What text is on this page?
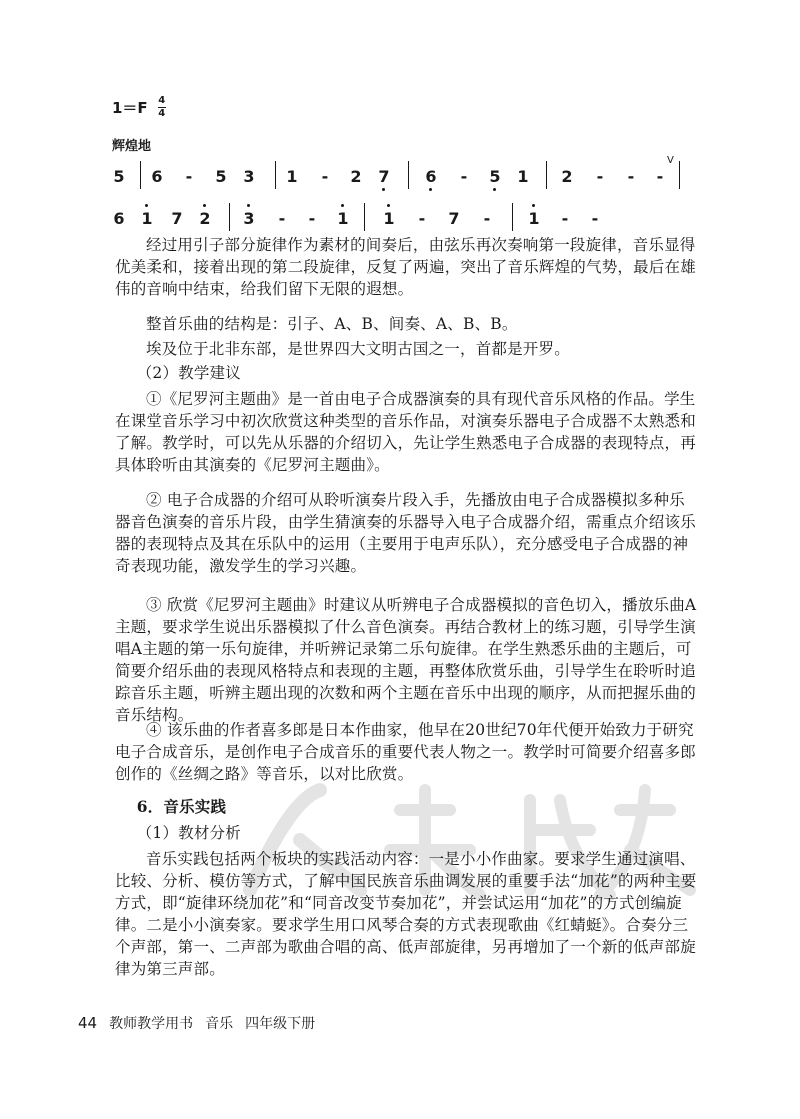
1＝F 4
4
辉煌地
5 6 - 5 3 1 - 2 7 6 - 5 1 2 - - -
V
6 1 7 2 3 - - 1 1 - 7 - 1 - -

经过用引子部分旋律作为素材的间奏后，由弦乐再次奏响第一段旋律，音乐显得优美柔和，接着出现的第二段旋律，反复了两遍，突出了音乐辉煌的气势，最后在雄伟的音响中结束，给我们留下无限的遐想。

整首乐曲的结构是：引子、A、B、间奏、A、B、B。

埃及位于北非东部，是世界四大文明古国之一，首都是开罗。

（2）教学建议

①《尼罗河主题曲》是一首由电子合成器演奏的具有现代音乐风格的作品。学生在课堂音乐学习中初次欣赏这种类型的音乐作品，对演奏乐器电子合成器不太熟悉和了解。教学时，可以先从乐器的介绍切入，先让学生熟悉电子合成器的表现特点，再具体聆听由其演奏的《尼罗河主题曲》。

② 电子合成器的介绍可从聆听演奏片段入手，先播放由电子合成器模拟多种乐器音色演奏的音乐片段，由学生猜演奏的乐器导入电子合成器介绍，需重点介绍该乐器的表现特点及其在乐队中的运用（主要用于电声乐队），充分感受电子合成器的神奇表现功能，激发学生的学习兴趣。

③ 欣赏《尼罗河主题曲》时建议从听辨电子合成器模拟的音色切入，播放乐曲A主题，要求学生说出乐器模拟了什么音色演奏。再结合教材上的练习题，引导学生演唱A主题的第一乐句旋律，并听辨记录第二乐句旋律。在学生熟悉乐曲的主题后，可简要介绍乐曲的表现风格特点和表现的主题，再整体欣赏乐曲，引导学生在聆听时追踪音乐主题，听辨主题出现的次数和两个主题在音乐中出现的顺序，从而把握乐曲的音乐结构。

④ 该乐曲的作者喜多郎是日本作曲家，他早在20世纪70年代便开始致力于研究电子合成音乐，是创作电子合成音乐的重要代表人物之一。教学时可简要介绍喜多郎创作的《丝绸之路》等音乐，以对比欣赏。

6．音乐实践

（1）教材分析

音乐实践包括两个板块的实践活动内容：一是小小作曲家。要求学生通过演唱、比较、分析、模仿等方式，了解中国民族音乐曲调发展的重要手法“加花”的两种主要方式，即“旋律环绕加花”和“同音改变节奏加花”，并尝试运用“加花”的方式创编旋律。二是小小演奏家。要求学生用口风琴合奏的方式表现歌曲《红蜻蜓》。合奏分三个声部，第一、二声部为歌曲合唱的高、低声部旋律，另再增加了一个新的低声部旋律为第三声部。

44 教师教学用书 音乐 四年级下册
